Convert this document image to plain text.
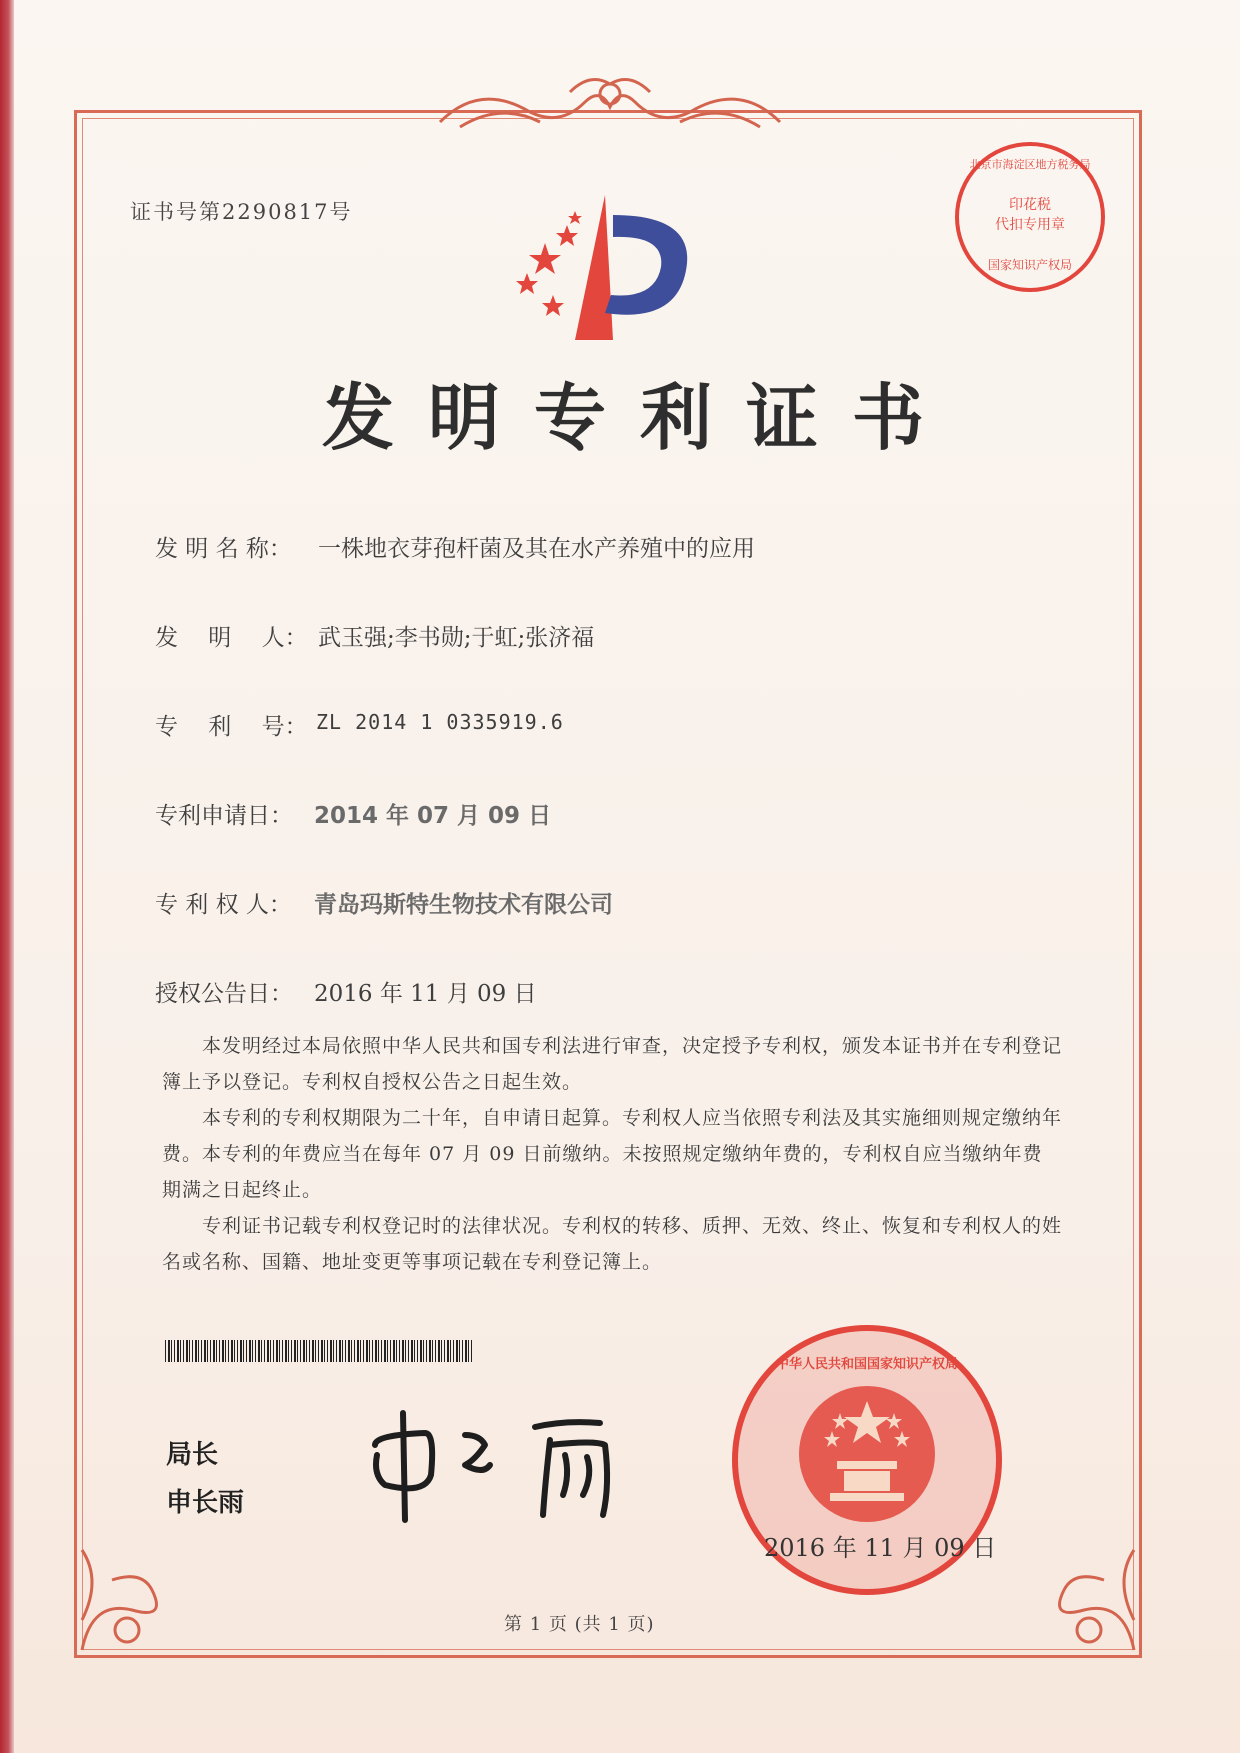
北京市海淀区地方税务局
印花税
代扣专用章
国家知识产权局
证书号第2290817号
发明专利证书
发 明 名 称： 一株地衣芽孢杆菌及其在水产养殖中的应用
发　 明　 人： 武玉强;李书勋;于虹;张济福
专　 利　 号： ZL 2014 1 0335919.6
专利申请日： 2014 年 07 月 09 日
专 利 权 人： 青岛玛斯特生物技术有限公司
授权公告日： 2016 年 11 月 09 日
本发明经过本局依照中华人民共和国专利法进行审查，决定授予专利权，颁发本证书并在专利登记簿上予以登记。专利权自授权公告之日起生效。
本专利的专利权期限为二十年，自申请日起算。专利权人应当依照专利法及其实施细则规定缴纳年费。本专利的年费应当在每年 07 月 09 日前缴纳。未按照规定缴纳年费的，专利权自应当缴纳年费期满之日起终止。
专利证书记载专利权登记时的法律状况。专利权的转移、质押、无效、终止、恢复和专利权人的姓名或名称、国籍、地址变更等事项记载在专利登记簿上。
中华人民共和国国家知识产权局
局长
申长雨
2016 年 11 月 09 日
第 1 页 (共 1 页)
